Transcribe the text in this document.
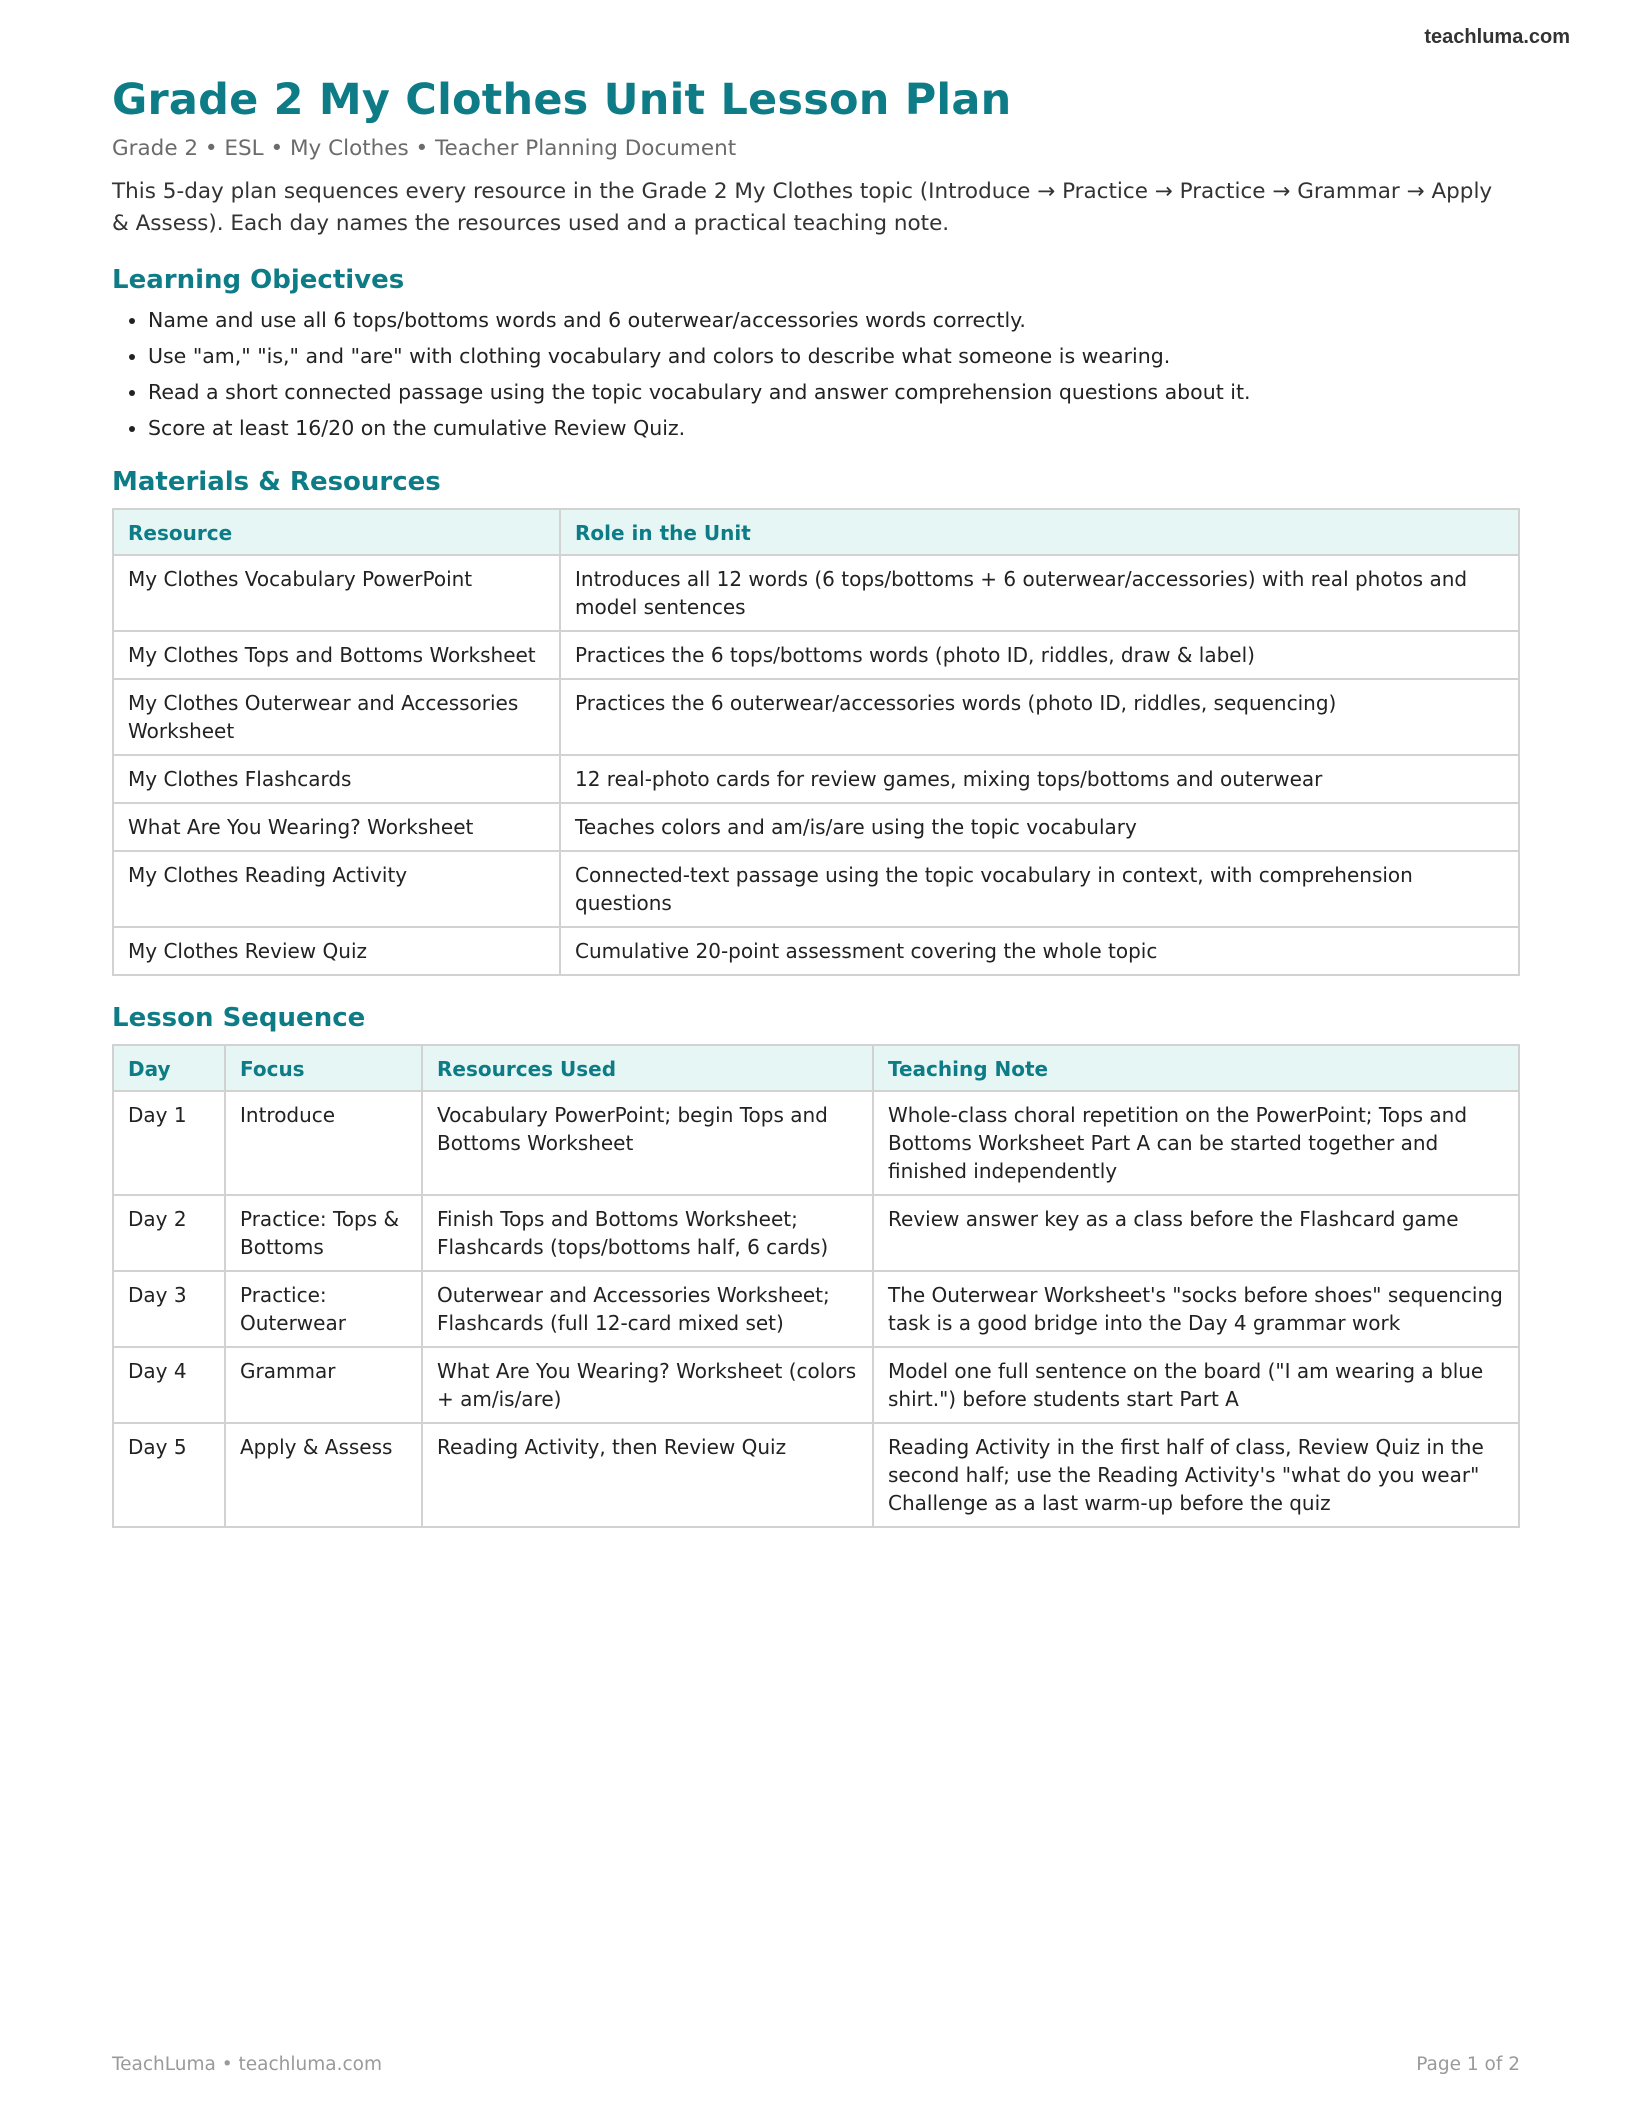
teachluma.com
Grade 2 My Clothes Unit Lesson Plan
Grade 2 • ESL • My Clothes • Teacher Planning Document
This 5-day plan sequences every resource in the Grade 2 My Clothes topic (Introduce → Practice → Practice → Grammar → Apply & Assess). Each day names the resources used and a practical teaching note.
Learning Objectives
• Name and use all 6 tops/bottoms words and 6 outerwear/accessories words correctly.
• Use "am," "is," and "are" with clothing vocabulary and colors to describe what someone is wearing.
• Read a short connected passage using the topic vocabulary and answer comprehension questions about it.
• Score at least 16/20 on the cumulative Review Quiz.
Materials & Resources
Resource	Role in the Unit
My Clothes Vocabulary PowerPoint	Introduces all 12 words (6 tops/bottoms + 6 outerwear/accessories) with real photos and model sentences
My Clothes Tops and Bottoms Worksheet	Practices the 6 tops/bottoms words (photo ID, riddles, draw & label)
My Clothes Outerwear and Accessories Worksheet	Practices the 6 outerwear/accessories words (photo ID, riddles, sequencing)
My Clothes Flashcards	12 real-photo cards for review games, mixing tops/bottoms and outerwear
What Are You Wearing? Worksheet	Teaches colors and am/is/are using the topic vocabulary
My Clothes Reading Activity	Connected-text passage using the topic vocabulary in context, with comprehension questions
My Clothes Review Quiz	Cumulative 20-point assessment covering the whole topic
Lesson Sequence
Day	Focus	Resources Used	Teaching Note
Day 1	Introduce	Vocabulary PowerPoint; begin Tops and Bottoms Worksheet	Whole-class choral repetition on the PowerPoint; Tops and Bottoms Worksheet Part A can be started together and finished independently
Day 2	Practice: Tops & Bottoms	Finish Tops and Bottoms Worksheet; Flashcards (tops/bottoms half, 6 cards)	Review answer key as a class before the Flashcard game
Day 3	Practice: Outerwear	Outerwear and Accessories Worksheet; Flashcards (full 12-card mixed set)	The Outerwear Worksheet's "socks before shoes" sequencing task is a good bridge into the Day 4 grammar work
Day 4	Grammar	What Are You Wearing? Worksheet (colors + am/is/are)	Model one full sentence on the board ("I am wearing a blue shirt.") before students start Part A
Day 5	Apply & Assess	Reading Activity, then Review Quiz	Reading Activity in the first half of class, Review Quiz in the second half; use the Reading Activity's "what do you wear" Challenge as a last warm-up before the quiz
TeachLuma • teachluma.com	Page 1 of 2
